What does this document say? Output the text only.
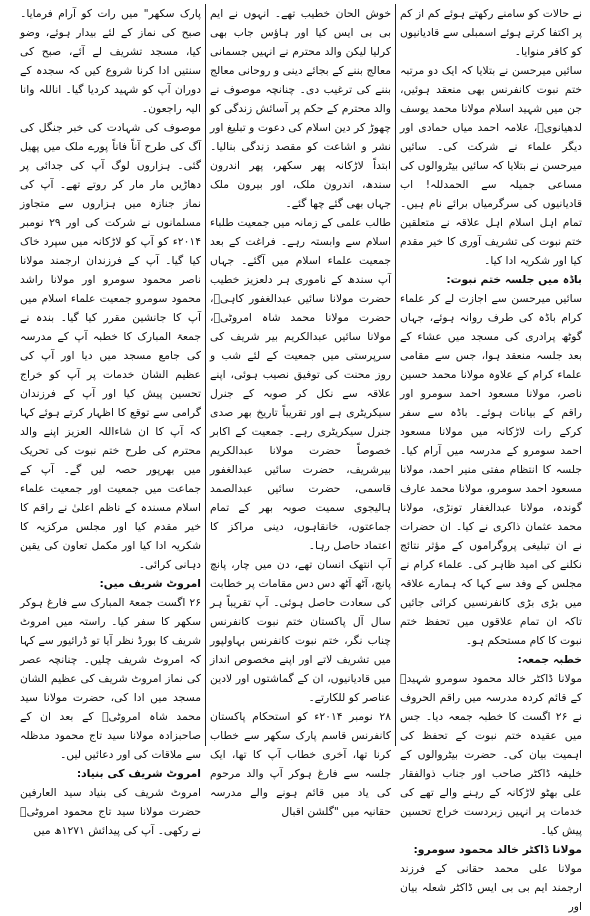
نے حالات کو سامنے رکھتے ہوئے کم از کم پر اکتفا کرتے ہوئے اسمبلی سے قادیانیوں کو کافر منوایا۔

سائیں میرحسن نے بتلایا کہ ایک دو مرتبہ ختم نبوت کانفرنس بھی منعقد ہوئیں، جن میں شہید اسلام مولانا محمد یوسف لدھیانویؒ، علامہ احمد میاں حمادی اور دیگر علماء نے شرکت کی۔ سائیں میرحسن نے بتلایا کہ سائیں بیٹروالوں کی مساعی جمیلہ سے الحمدللہ! اب قادیانیوں کی سرگرمیاں برائے نام ہیں۔ تمام اہل اسلام اہل علاقہ نے متعلقین ختم نبوت کی تشریف آوری کا خیر مقدم کیا اور شکریہ ادا کیا۔

باڈہ میں جلسہ ختم نبوت:

سائیں میرحسن سے اجازت لے کر علماء کرام باڈہ کی طرف روانہ ہوئے، جہاں گوٹھ پرادری کی مسجد میں عشاء کے بعد جلسہ منعقد ہوا، جس سے مقامی علماء کرام کے علاوہ مولانا محمد حسین ناصر، مولانا مسعود احمد سومرو اور راقم کے بیانات ہوئے۔ باڈہ سے سفر کرکے رات لاڑکانہ میں مولانا مسعود احمد سومرو کے مدرسہ میں آرام کیا۔ جلسہ کا انتظام مفتی منیر احمد، مولانا مسعود احمد سومرو، مولانا محمد عارف گوندہ، مولانا عبدالغفار تونڑی، مولانا محمد عثمان ذاکری نے کیا۔ ان حضرات نے ان تبلیغی پروگراموں کے مؤثر نتائج نکلنے کی امید ظاہر کی۔ علماء کرام نے مجلس کے وفد سے کہا کہ ہمارے علاقہ میں بڑی بڑی کانفرنسیں کرائی جائیں تاکہ ان تمام علاقوں میں تحفظ ختم نبوت کا کام مستحکم ہو۔

خطبہ جمعہ:

مولانا ڈاکٹر خالد محمود سومرو شہیدؒ کے قائم کردہ مدرسہ میں راقم الحروف نے ۲۶ اگست کا خطبہ جمعہ دیا۔ جس میں عقیدہ ختم نبوت کے تحفظ کی اہمیت بیان کی۔ حضرت بیٹروالوں کے خلیفہ ڈاکٹر صاحب اور جناب ذوالفقار علی بھٹو لاڑکانہ کے رہنے والے تھے کی خدمات پر انہیں زبردست خراج تحسین پیش کیا۔

مولانا ڈاکٹر خالد محمود سومرو:

مولانا علی محمد حقانی کے فرزند ارجمند ایم بی بی ایس ڈاکٹر شعلہ بیان اور

خوش الحان خطیب تھے۔ انہوں نے ایم بی بی ایس کیا اور ہاؤس جاب بھی کرلیا لیکن والد محترم نے انہیں جسمانی معالج بننے کے بجائے دینی و روحانی معالج بننے کی ترغیب دی۔ چنانچہ موصوف نے والد محترم کے حکم پر آسائش زندگی کو چھوڑ کر دین اسلام کی دعوت و تبلیغ اور نشر و اشاعت کو مقصد زندگی بنالیا۔ ابتداً لاڑکانہ پھر سکھر، پھر اندرون سندھ، اندرون ملک، اور بیرون ملک جہاں بھی گئے چھا گئے۔

طالب علمی کے زمانہ میں جمعیت طلباء اسلام سے وابستہ رہے۔ فراغت کے بعد جمعیت علماء اسلام میں آگئے۔ جہاں آپ سندھ کے ناموری ہر دلعزیز خطیب حضرت مولانا سائیں عبدالغفور کاہیؒ، حضرت مولانا محمد شاہ امروٹیؒ، مولانا سائیں عبدالکریم بیر شریف کی سرپرستی میں جمعیت کے لئے شب و روز محنت کی توفیق نصیب ہوئی، اپنے علاقہ سے نکل کر صوبہ کے جنرل سیکریٹری ہے اور تقریباً تاریخ بھر صدی جنرل سیکریٹری رہے۔ جمعیت کے اکابر خصوصاً حضرت مولانا عبدالکریم بیرشریف، حضرت سائیں عبدالغفور قاسمی، حضرت سائیں عبدالصمد ہالیجوی سمیت صوبہ بھر کے تمام جماعتوں، خانقاہوں، دینی مراکز کا اعتماد حاصل رہا۔

آپ انتھک انسان تھے، دن میں چار، پانچ پانچ، آٹھ آٹھ دس دس مقامات پر خطابت کی سعادت حاصل ہوئی۔ آپ تقریباً ہر سال آل پاکستان ختم نبوت کانفرنس چناب نگر، ختم نبوت کانفرنس بہاولپور میں تشریف لاتے اور اپنے مخصوص انداز میں قادیانیوں، ان کے گماشتوں اور لادین عناصر کو للکارتے۔

۲۸ نومبر ۲۰۱۴ء کو استحکام پاکستان کانفرنس قاسم پارک سکھر سے خطاب کرنا تھا، آخری خطاب آپ کا تھا، ایک جلسہ سے فارغ ہوکر آپ والد مرحوم کی یاد میں قائم ہونے والے مدرسہ حقانیہ میں "گلشن اقبال

پارک سکھر" میں رات کو آرام فرمایا۔ صبح کی نماز کے لئے بیدار ہوئے، وضو کیا، مسجد تشریف لے آئے، صبح کی سنتیں ادا کرنا شروع کیں کہ سجدہ کے دوران آپ کو شہید کردیا گیا۔ اناللہ وانا الیہ راجعون۔

موصوف کی شہادت کی خبر جنگل کی آگ کی طرح آناً فاناً پورے ملک میں پھیل گئی۔ ہزاروں لوگ آپ کی جدائی پر دھاڑیں مار مار کر روتے تھے۔ آپ کی نماز جنازہ میں ہزاروں سے متجاوز مسلمانوں نے شرکت کی اور ۲۹ نومبر ۲۰۱۴ء کو آپ کو لاڑکانہ میں سپرد خاک کیا گیا۔ آپ کے فرزندان ارجمند مولانا ناصر محمود سومرو اور مولانا راشد محمود سومرو جمعیت علماء اسلام میں آپ کا جانشین مقرر کیا گیا۔ بندہ نے جمعۃ المبارک کا خطبہ آپ کے مدرسہ کی جامع مسجد میں دیا اور آپ کی عظیم الشان خدمات پر آپ کو خراج تحسین پیش کیا اور آپ کے فرزندان گرامی سے توقع کا اظہار کرتے ہوئے کہا کہ آپ کا ان شاءاللہ العزیز اپنے والد محترم کی طرح ختم نبوت کی تحریک میں بھرپور حصہ لیں گے۔ آپ کے جماعت میں جمعیت اور جمعیت علماء اسلام مسندہ کے ناظم اعلیٰ نے راقم کا خیر مقدم کیا اور مجلس مرکزیہ کا شکریہ ادا کیا اور مکمل تعاون کی یقین دہانی کرائی۔

امروٹ شریف میں:

۲۶ اگست جمعۃ المبارک سے فارغ ہوکر سکھر کا سفر کیا۔ راستہ میں امروٹ شریف کا بورڈ نظر آیا تو ڈرائیور سے کہا کہ امروٹ شریف چلیں۔ چنانچہ عصر کی نماز امروٹ شریف کی عظیم الشان مسجد میں ادا کی، حضرت مولانا سید محمد شاہ امروٹیؒ کے بعد ان کے صاحبزادہ مولانا سید تاج محمود مدظلہ سے ملاقات کی اور دعائیں لیں۔

امروٹ شریف کی بنیاد:

امروٹ شریف کی بنیاد سید العارفین حضرت مولانا سید تاج محمود امروٹیؒ نے رکھی۔ آپ کی پیدائش ۱۲۷۱ھ میں
